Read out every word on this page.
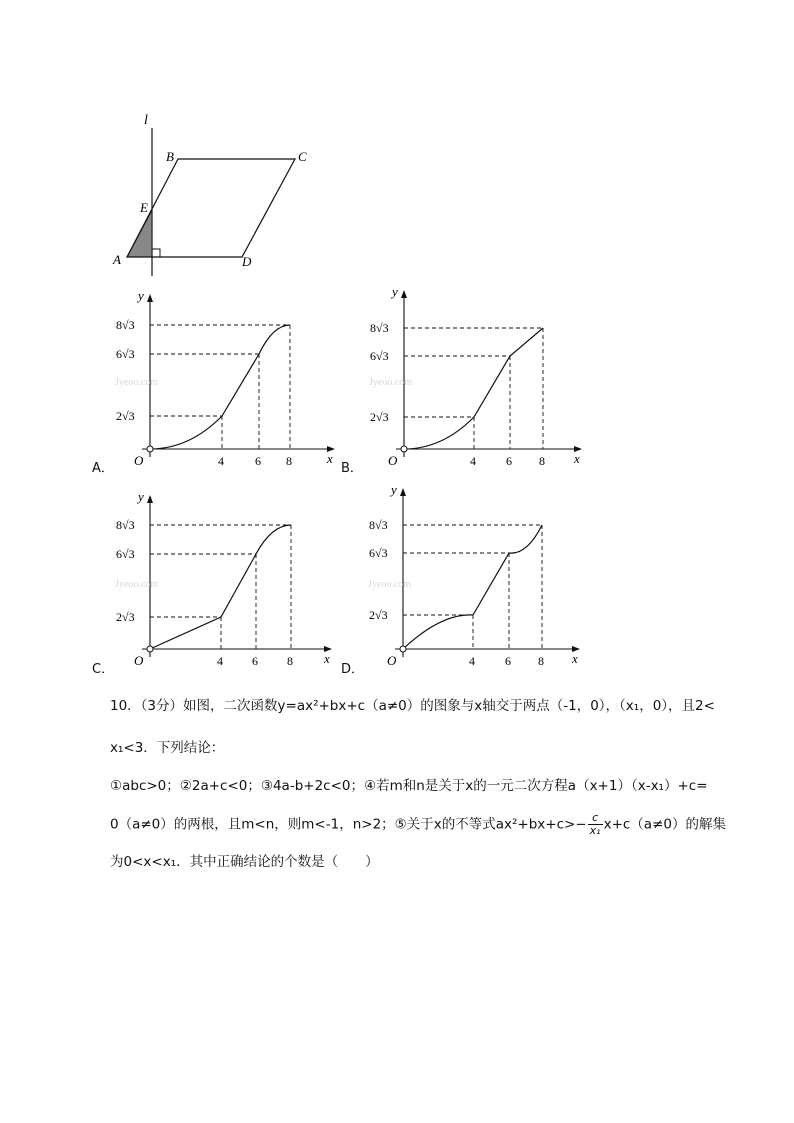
l
B	C
E
A	D
x
y
O	4	6 8
2√3
6√3
8√3
Jyeoo.com
x
y
O	4	6 8
2√3
6√3
8√3
Jyeoo.com
x
y
O	4 6 8
2√3
6√3
8√3
Jyeoo.com
x
y
O	4	6 8
2√3
6√3
8√3
Jyeoo.com
A．	B．
C．	D．
10．（3分）如图，二次函数y=ax²+bx+c（a≠0）的图象与x轴交于两点（-1，0），（x₁，0），且2<
x₁<3．下列结论：
①abc>0；②2a+c<0；③4a-b+2c<0；④若m和n是关于x的一元二次方程a（x+1）（x-x₁）+c=
0（a≠0）的两根，且m<n，则m<-1，n>2；⑤关于x的不等式$ax^2+bx+c>- \frac{c}{\text{x₁}} x+c(a\ne 0)$的解集
为0<x<x₁．其中正确结论的个数是（　　）
